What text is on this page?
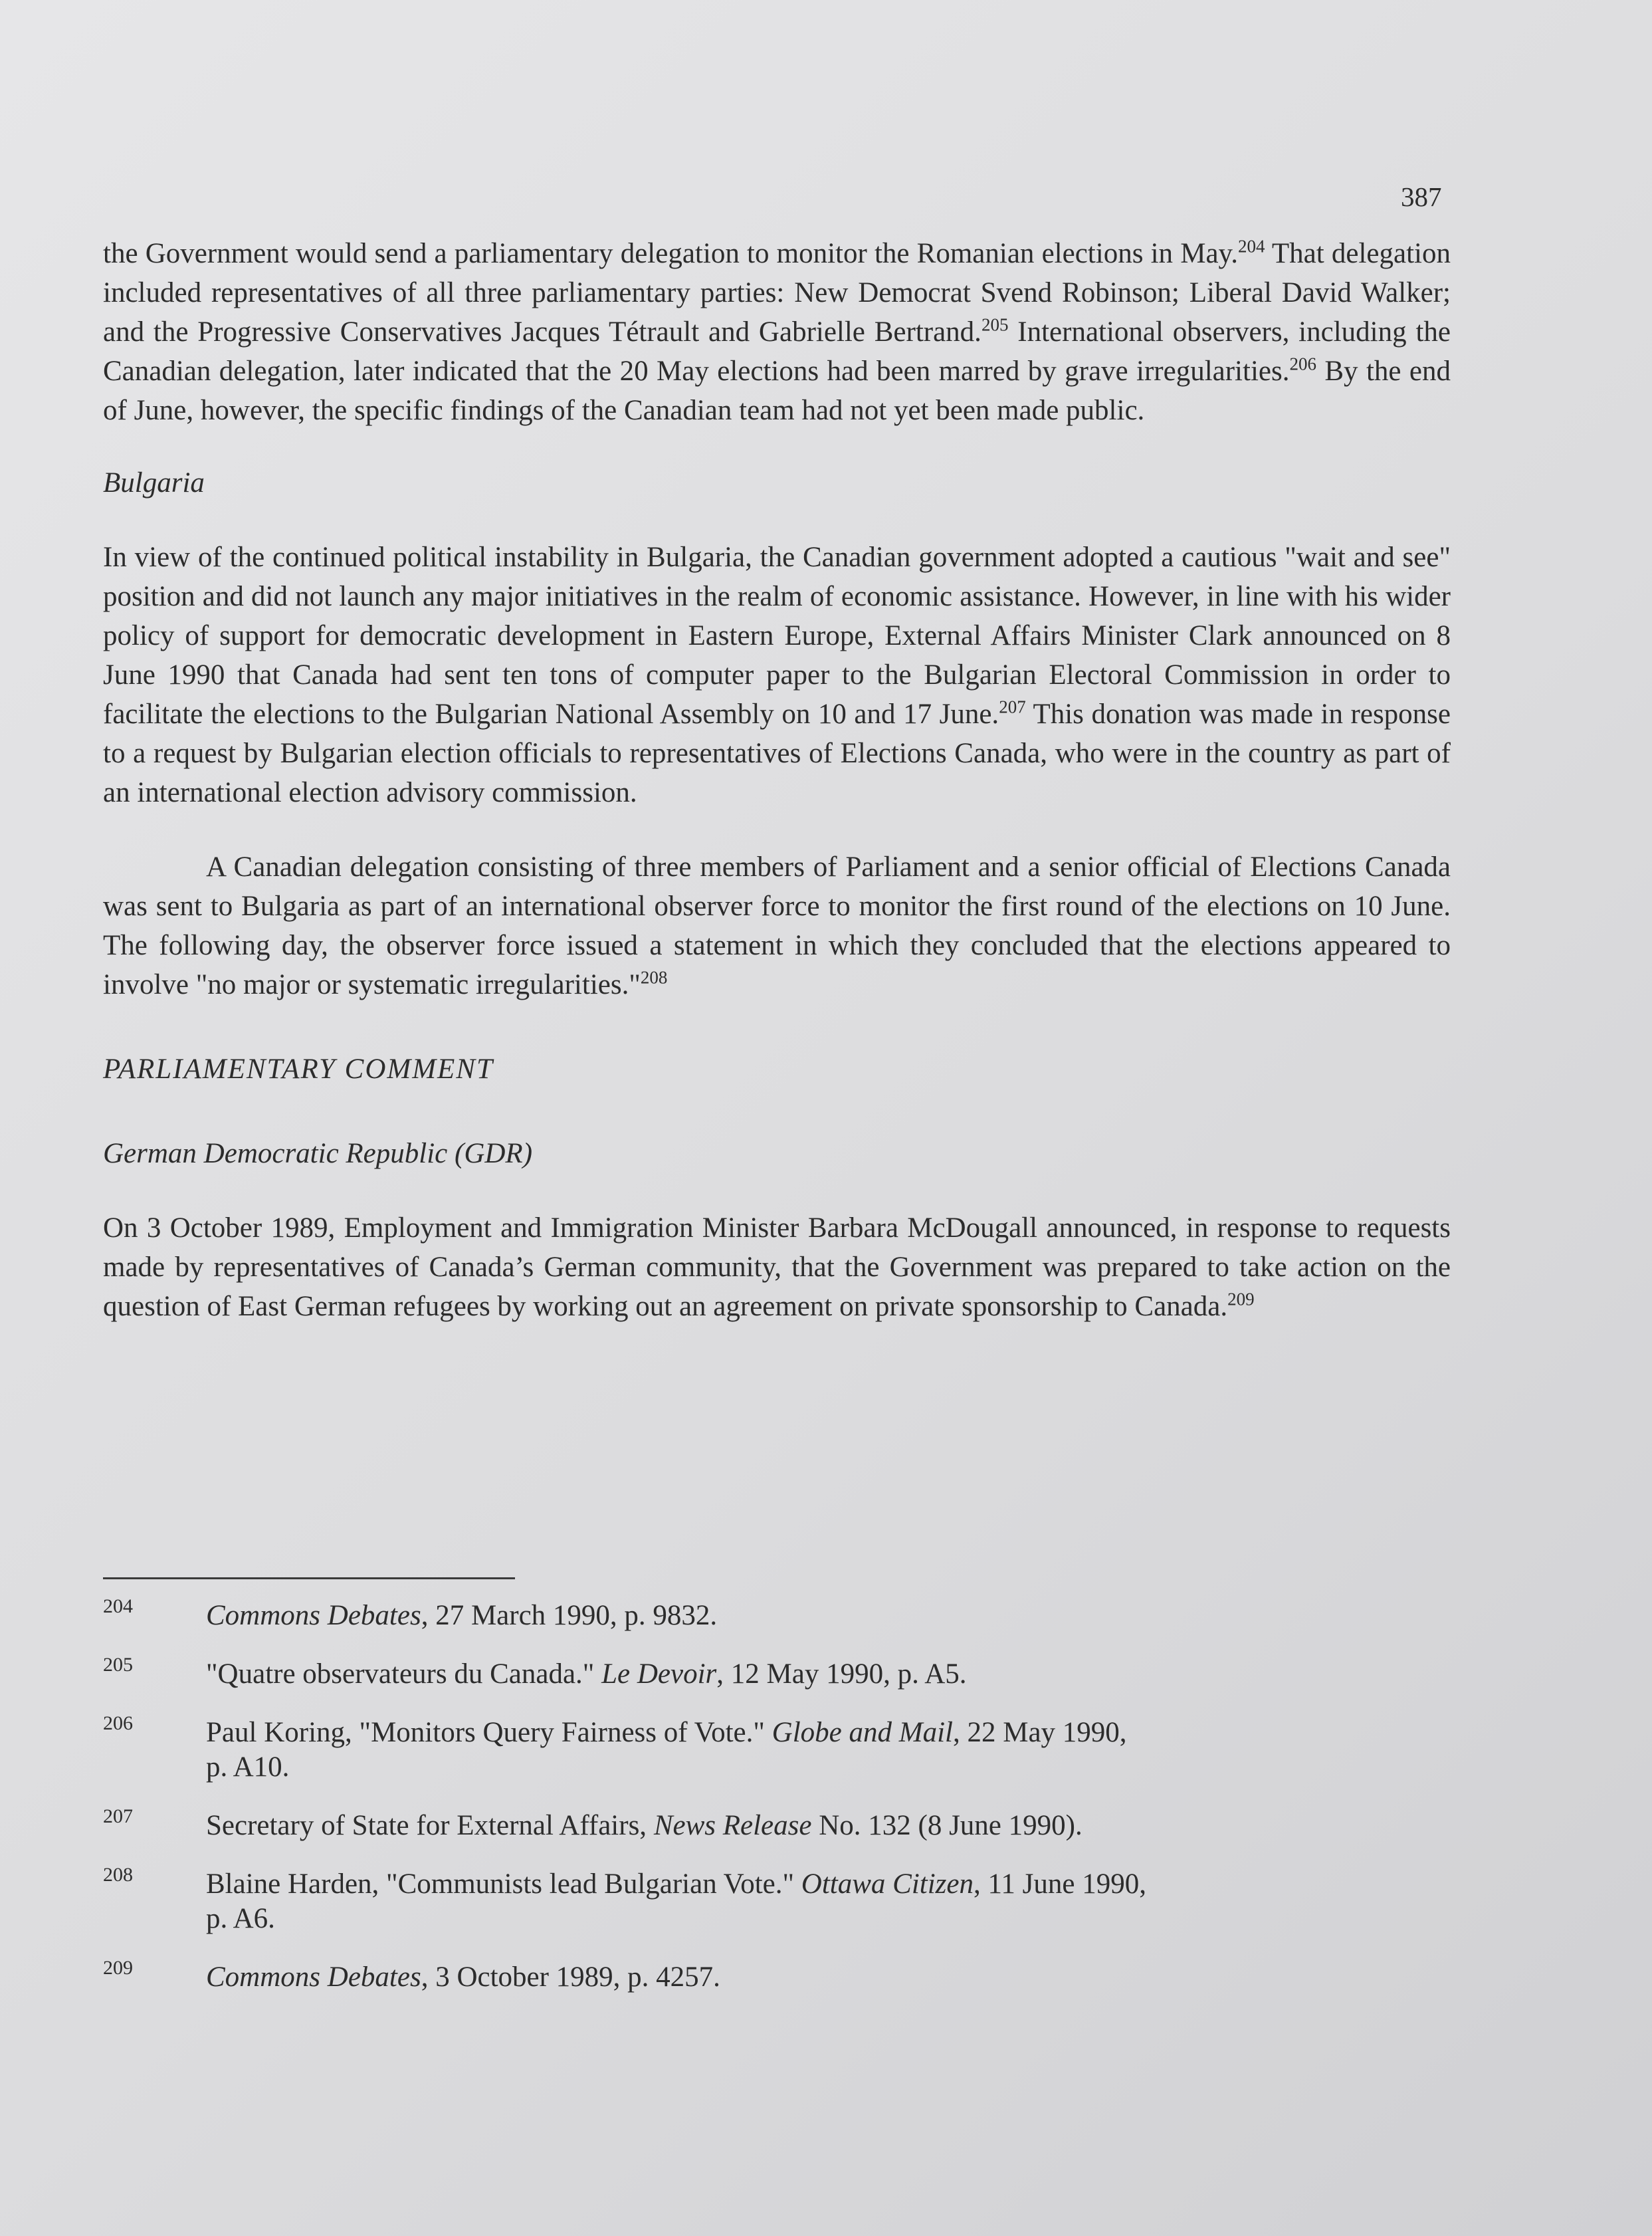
387

the Government would send a parliamentary delegation to monitor the Romanian elections in May.$^{204}$ That delegation included representatives of all three parliamentary parties: New Democrat Svend Robinson; Liberal David Walker; and the Progressive Conservatives Jacques Tétrault and Gabrielle Bertrand.$^{205}$ International observers, including the Canadian delegation, later indicated that the 20 May elections had been marred by grave irregularities.$^{206}$ By the end of June, however, the specific findings of the Canadian team had not yet been made public.

Bulgaria

In view of the continued political instability in Bulgaria, the Canadian government adopted a cautious "wait and see" position and did not launch any major initiatives in the realm of economic assistance. However, in line with his wider policy of support for democratic development in Eastern Europe, External Affairs Minister Clark announced on 8 June 1990 that Canada had sent ten tons of computer paper to the Bulgarian Electoral Commission in order to facilitate the elections to the Bulgarian National Assembly on 10 and 17 June.$^{207}$ This donation was made in response to a request by Bulgarian election officials to representatives of Elections Canada, who were in the country as part of an international election advisory commission.

A Canadian delegation consisting of three members of Parliament and a senior official of Elections Canada was sent to Bulgaria as part of an international observer force to monitor the first round of the elections on 10 June. The following day, the observer force issued a statement in which they concluded that the elections appeared to involve "no major or systematic irregularities."$^{208}$

PARLIAMENTARY COMMENT
German Democratic Republic (GDR)

On 3 October 1989, Employment and Immigration Minister Barbara McDougall announced, in response to requests made by representatives of Canada’s German community, that the Government was prepared to take action on the question of East German refugees by working out an agreement on private sponsorship to Canada.$^{209}$

204	Commons Debates, 27 March 1990, p. 9832.
205	"Quatre observateurs du Canada." Le Devoir, 12 May 1990, p. A5.
206	Paul Koring, "Monitors Query Fairness of Vote." Globe and Mail, 22 May 1990,
p. A10.
207	Secretary of State for External Affairs, News Release No. 132 (8 June 1990).
208	Blaine Harden, "Communists lead Bulgarian Vote." Ottawa Citizen, 11 June 1990,
p. A6.
209	Commons Debates, 3 October 1989, p. 4257.
